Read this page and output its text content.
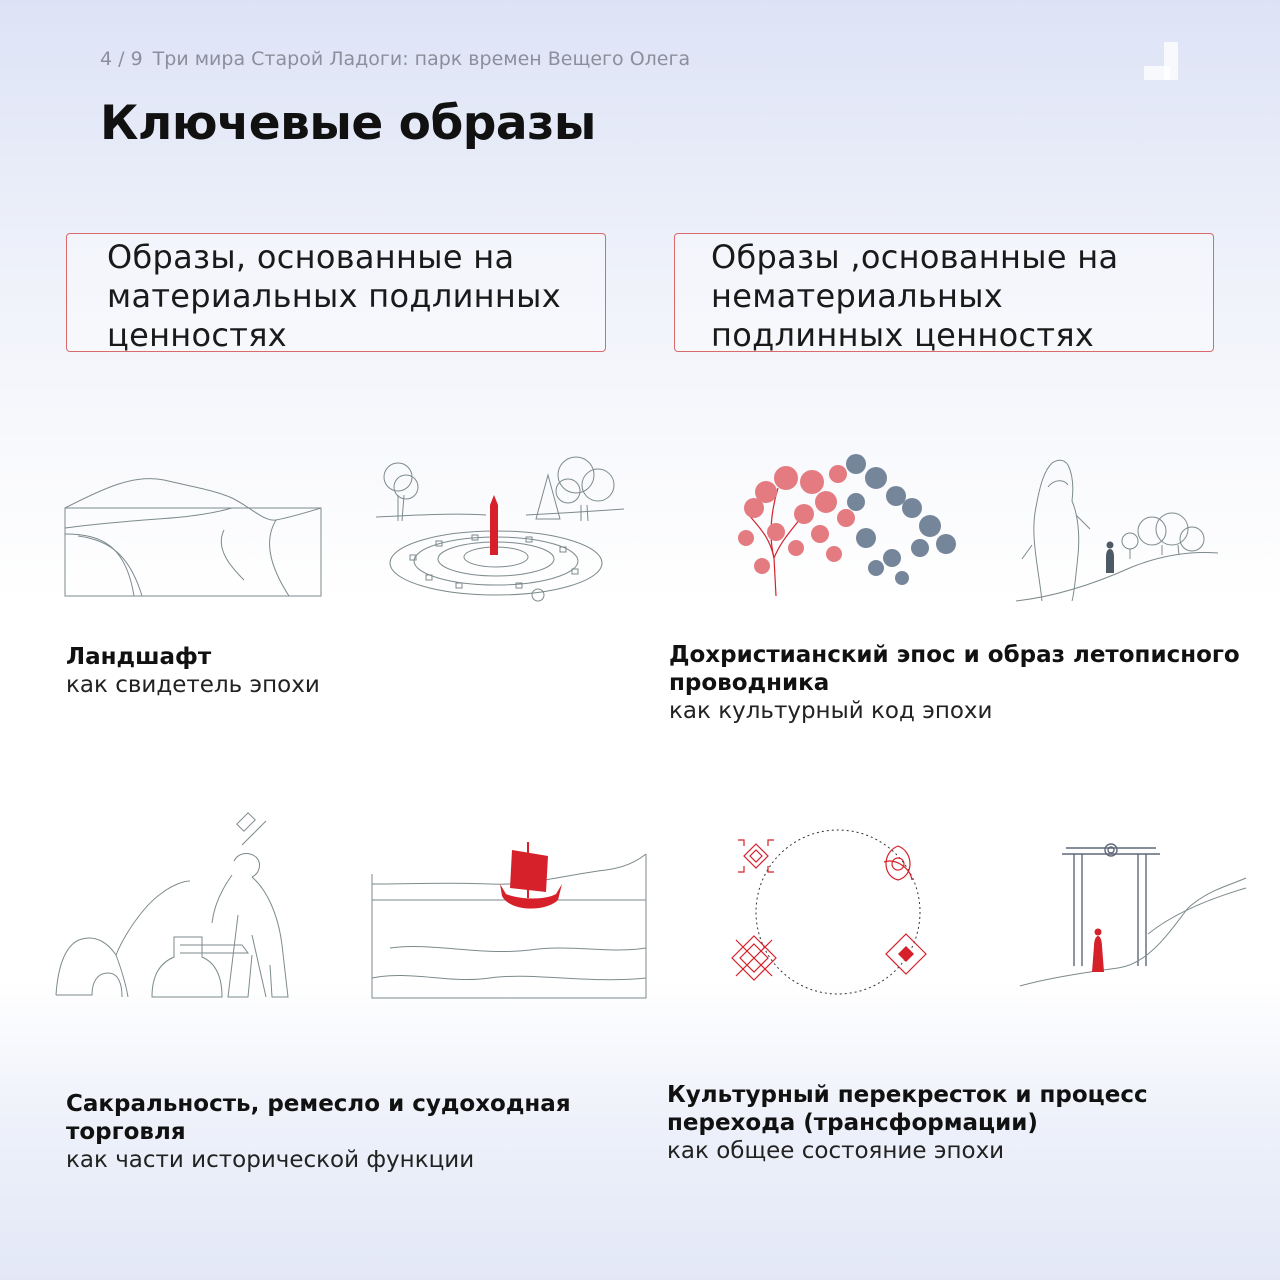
4 / 9 Три мира Старой Ладоги: парк времен Вещего Олега
Ключевые образы
Образы, основанные на материальных подлинных ценностях
Образы ,основанные на нематериальных подлинных ценностях
Ландшафт
как свидетель эпохи
Дохристианский эпос и образ летописного проводника
как культурный код эпохи
Сакральность, ремесло и судоходная торговля
как части исторической функции
Культурный перекресток и процесс перехода (трансформации)
как общее состояние эпохи
